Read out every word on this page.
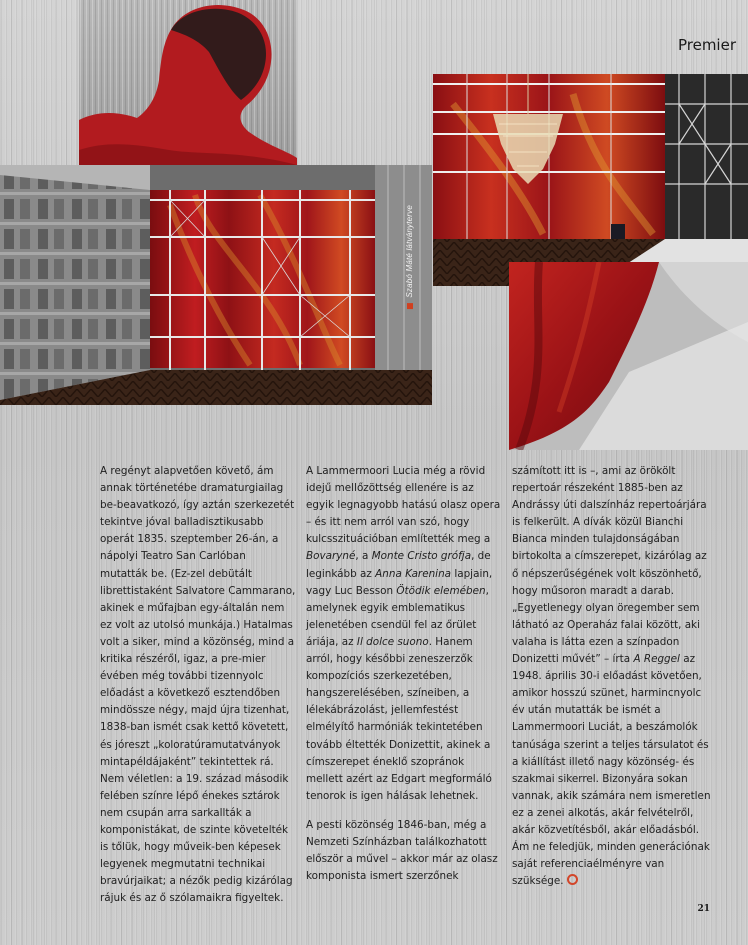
Premier
Szabó Máté látványterve

A regényt alapvetően követő, ám annak történetébe dramaturgiailag be-beavatkozó, így aztán szerkezetét tekintve jóval balladisztikusabb operát 1835. szeptember 26-án, a nápolyi Teatro San Carlóban mutatták be. (Ez-zel debütált librettistaként Salvatore Cammarano, akinek e műfajban egy-általán nem ez volt az utolsó munkája.) Hatalmas volt a siker, mind a közönség, mind a kritika részéről, igaz, a pre-mier évében még további tizennyolc előadást a következő esztendőben mindössze négy, majd újra tizenhat, 1838-ban ismét csak kettő követett, és jóreszt „koloratúramutatványok mintapéldájaként” tekintettek rá. Nem véletlen: a 19. század második felében színre lépő énekes sztárok nem csupán arra sarkallták a komponistákat, de szinte követelték is tőlük, hogy műveik-ben képesek legyenek megmutatni technikai bravúrjaikat; a nézők pedig kizárólag rájuk és az ő szólamaikra figyeltek.

A Lammermoori Lucia még a rövid idejű mellőzöttség ellenére is az egyik legnagyobb hatású olasz opera – és itt nem arról van szó, hogy kulcsszituációban említették meg a Bovaryné, a Monte Cristo grófja, de leginkább az Anna Karenina lapjain, vagy Luc Besson Ötödik elemében, amelynek egyik emblematikus jelenetében csendül fel az őrület áriája, az Il dolce suono. Hanem arról, hogy későbbi zeneszerzők kompozíciós szerkezetében, hangszerelésében, színeiben, a lélekábrázolást, jellemfestést elmélyítő harmóniák tekintetében tovább éltették Donizettit, akinek a címszerepet éneklő szopránok mellett azért az Edgart megformáló tenorok is igen hálásak lehetnek.

A pesti közönség 1846-ban, még a Nemzeti Színházban találkozhatott először a művel – akkor már az olasz komponista ismert szerzőnek

számított itt is –, ami az örökölt repertoár részeként 1885-ben az Andrássy úti dalszínház repertoárjára is felkerült. A dívák közül Bianchi Bianca minden tulajdonságában birtokolta a címszerepet, kizárólag az ő népszerűségének volt köszönhető, hogy műsoron maradt a darab. „Egyetlenegy olyan öregember sem látható az Operaház falai között, aki valaha is látta ezen a színpadon Donizetti művét” – írta A Reggel az 1948. április 30-i előadást követően, amikor hosszú szünet, harmincnyolc év után mutatták be ismét a Lammermoori Luciát, a beszámolók tanúsága szerint a teljes társulatot és a kiállítást illető nagy közönség- és szakmai sikerrel. Bizonyára sokan vannak, akik számára nem ismeretlen ez a zenei alkotás, akár felvételről, akár közvetítésből, akár előadásból. Ám ne feledjük, minden generációnak saját referenciaélményre van szüksége.

21
